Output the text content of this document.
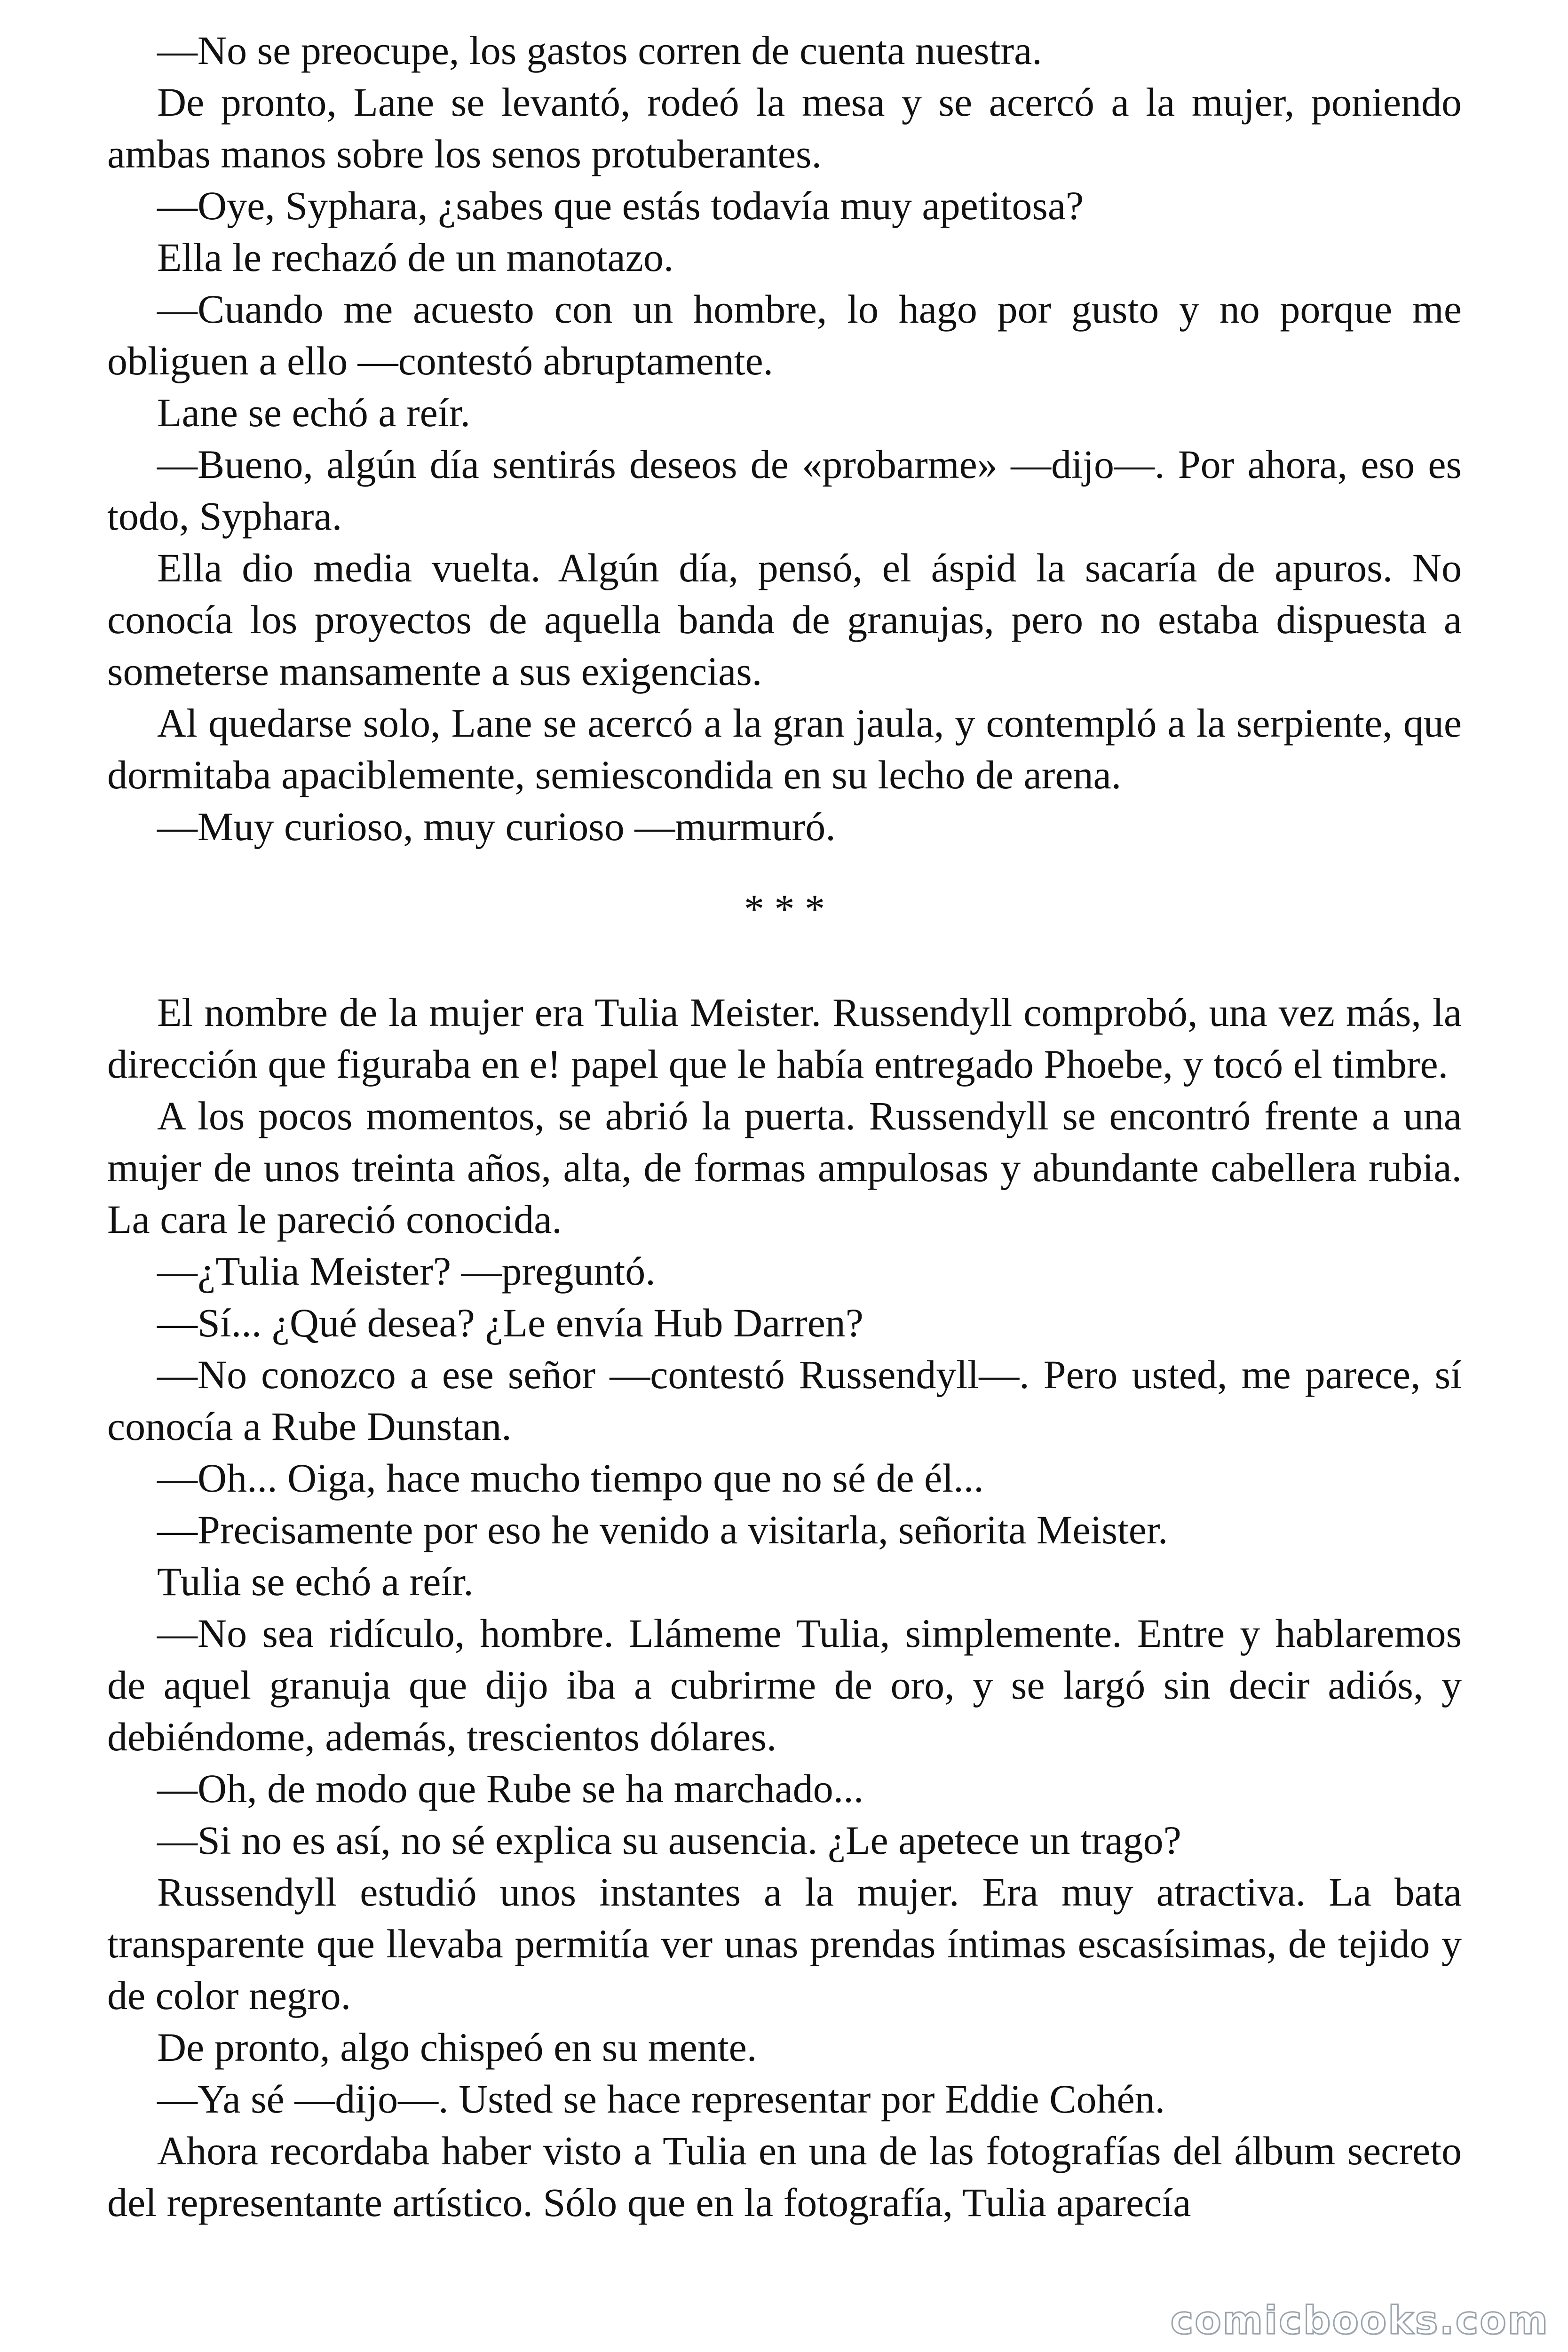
—No se preocupe, los gastos corren de cuenta nuestra.

De pronto, Lane se levantó, rodeó la mesa y se acercó a la mujer, poniendo ambas manos sobre los senos protuberantes.

—Oye, Syphara, ¿sabes que estás todavía muy apetitosa?

Ella le rechazó de un manotazo.

—Cuando me acuesto con un hombre, lo hago por gusto y no porque me obliguen a ello —contestó abruptamente.

Lane se echó a reír.

—Bueno, algún día sentirás deseos de «probarme» —dijo—. Por ahora, eso es todo, Syphara.

Ella dio media vuelta. Algún día, pensó, el áspid la sacaría de apuros. No conocía los proyectos de aquella banda de granujas, pero no estaba dispuesta a someterse mansamente a sus exigencias.

Al quedarse solo, Lane se acercó a la gran jaula, y contempló a la serpiente, que dormitaba apaciblemente, semiescondida en su lecho de arena.

—Muy curioso, muy curioso —murmuró.

* * *

El nombre de la mujer era Tulia Meister. Russendyll comprobó, una vez más, la dirección que figuraba en e! papel que le había entregado Phoebe, y tocó el timbre.

A los pocos momentos, se abrió la puerta. Russendyll se encontró frente a una mujer de unos treinta años, alta, de formas ampulosas y abundante cabellera rubia. La cara le pareció conocida.

—¿Tulia Meister? —preguntó.

—Sí... ¿Qué desea? ¿Le envía Hub Darren?

—No conozco a ese señor —contestó Russendyll—. Pero usted, me parece, sí conocía a Rube Dunstan.

—Oh... Oiga, hace mucho tiempo que no sé de él...

—Precisamente por eso he venido a visitarla, señorita Meister.

Tulia se echó a reír.

—No sea ridículo, hombre. Llámeme Tulia, simplemente. Entre y hablaremos de aquel granuja que dijo iba a cubrirme de oro, y se largó sin decir adiós, y debiéndome, además, trescientos dólares.

—Oh, de modo que Rube se ha marchado...

—Si no es así, no sé explica su ausencia. ¿Le apetece un trago?

Russendyll estudió unos instantes a la mujer. Era muy atractiva. La bata transparente que llevaba permitía ver unas prendas íntimas escasísimas, de tejido y de color negro.

De pronto, algo chispeó en su mente.

—Ya sé —dijo—. Usted se hace representar por Eddie Cohén.

Ahora recordaba haber visto a Tulia en una de las fotografías del álbum secreto del representante artístico. Sólo que en la fotografía, Tulia aparecía

comicbooks.com
